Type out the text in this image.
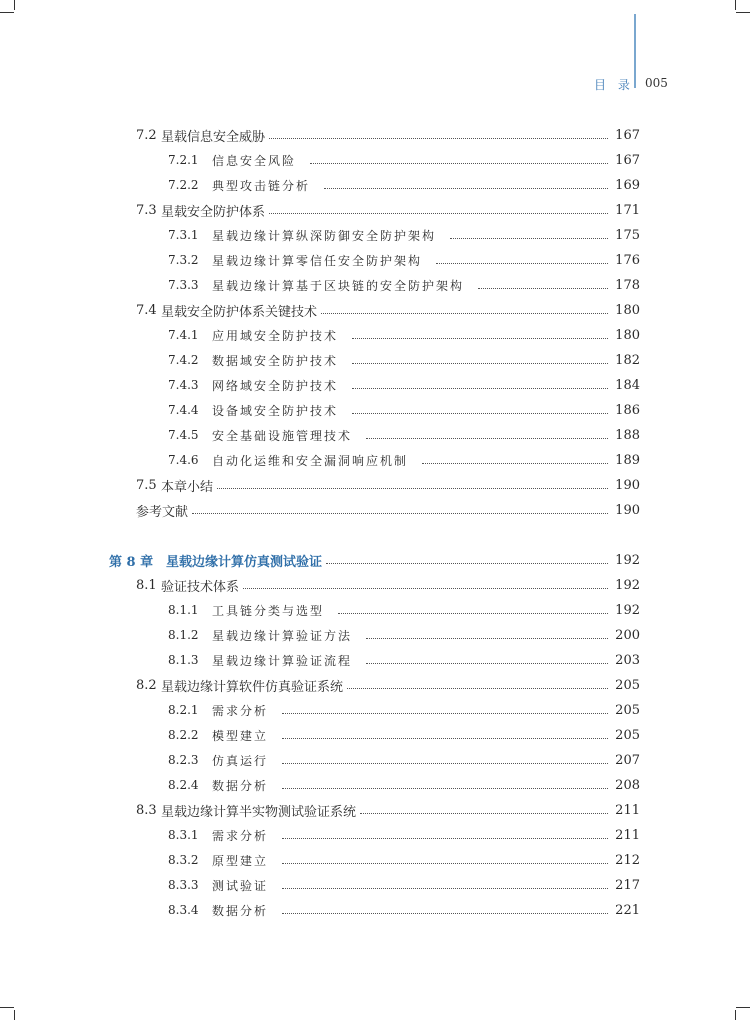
目 录 005
7.2 星载信息安全威胁	167
7.2.1	信息安全风险	167
7.2.2	典型攻击链分析	169
7.3 星载安全防护体系	171
7.3.1	星载边缘计算纵深防御安全防护架构	175
7.3.2	星载边缘计算零信任安全防护架构	176
7.3.3	星载边缘计算基于区块链的安全防护架构	178
7.4 星载安全防护体系关键技术	180
7.4.1	应用域安全防护技术	180
7.4.2	数据域安全防护技术	182
7.4.3	网络域安全防护技术	184
7.4.4	设备域安全防护技术	186
7.4.5	安全基础设施管理技术	188
7.4.6	自动化运维和安全漏洞响应机制	189
7.5 本章小结	190
参考文献	190
第 8 章 星载边缘计算仿真测试验证	192
8.1 验证技术体系	192
8.1.1	工具链分类与选型	192
8.1.2	星载边缘计算验证方法	200
8.1.3	星载边缘计算验证流程	203
8.2 星载边缘计算软件仿真验证系统	205
8.2.1	需求分析	205
8.2.2	模型建立	205
8.2.3	仿真运行	207
8.2.4	数据分析	208
8.3 星载边缘计算半实物测试验证系统	211
8.3.1	需求分析	211
8.3.2	原型建立	212
8.3.3	测试验证	217
8.3.4	数据分析	221
